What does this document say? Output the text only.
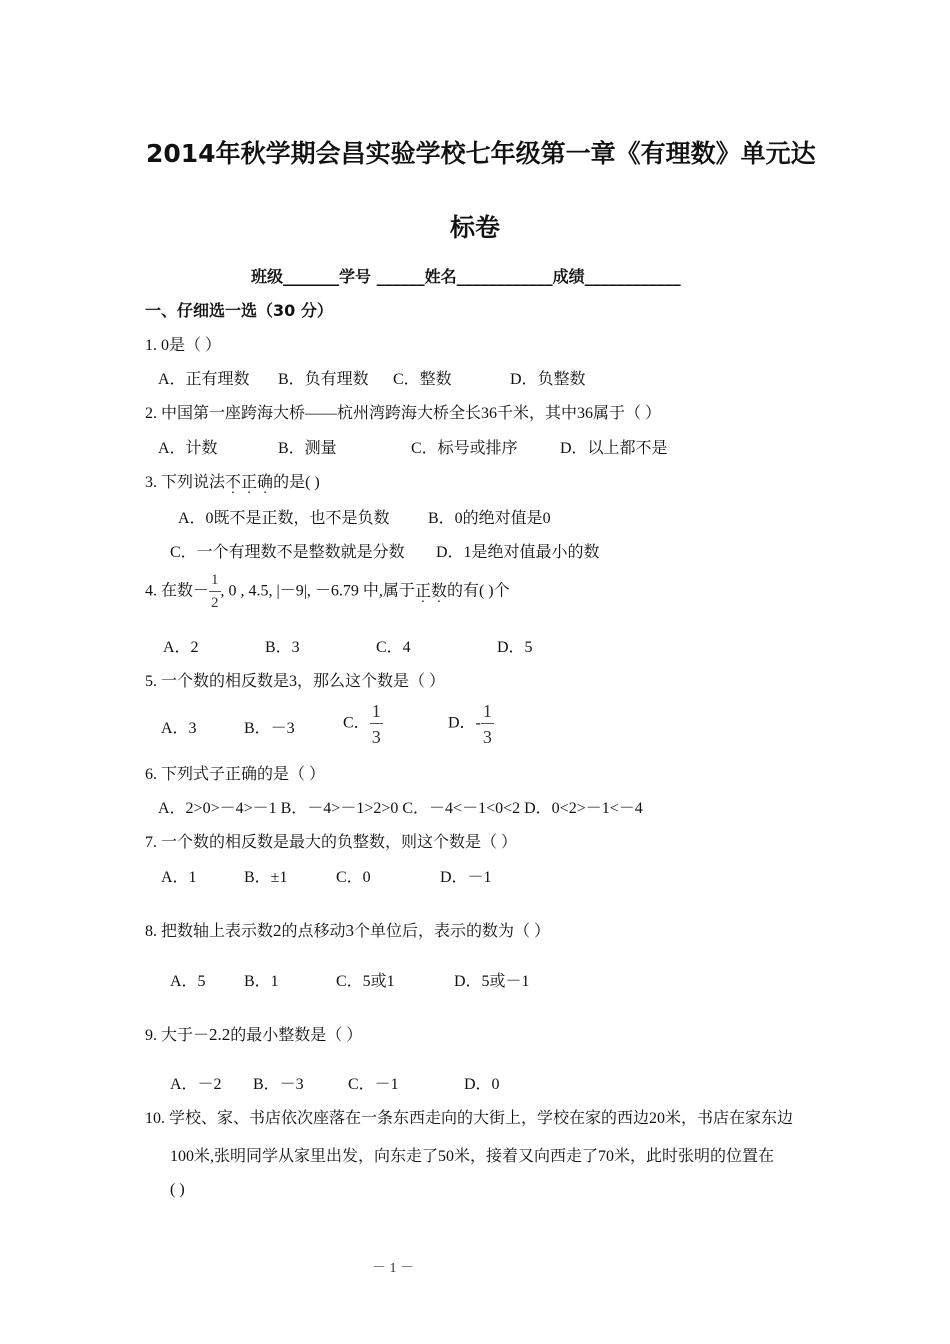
2014年秋学期会昌实验学校七年级第一章《有理数》单元达
标卷
班级_______学号 ______姓名____________成绩____________
一、仔细选一选（30 分）
1. 0是（ ）
A．正有理数 B．负有理数 C．整数	D．负整数
2. 中国第一座跨海大桥——杭州湾跨海大桥全长36千米，其中36属于（ ）
A．计数	B．测量	C．标号或排序	D．以上都不是
3. 下列说法不正确的是( )
A．0既不是正数，也不是负数 B．0的绝对值是0
C．一个有理数不是整数就是分数 D．1是绝对值最小的数
4. 在数－ $\frac{1}{2}$ , 0 , 4.5, |－9|, －6.79 中,属于正数的有( )个
A．2	B．3	C．4	D．5
5. 一个数的相反数是3，那么这个数是（ ）
A．3	B．－3	C． $\frac{1}{3}$	D．- $\frac{1}{3}$
6. 下列式子正确的是（ ）
A．2>0>－4>－1 B．－4>－1>2>0 C．－4<－1<0<2 D．0<2>－1<－4
7. 一个数的相反数是最大的负整数，则这个数是（ ）
A．1	B．±1	C．0	D．－1
8. 把数轴上表示数2的点移动3个单位后，表示的数为（ ）
A．5 B．1	C．5或1	D．5或－1
9. 大于－2.2的最小整数是（ ）
A．－2 B．－3	C．－1	D．0
10. 学校、家、书店依次座落在一条东西走向的大街上，学校在家的西边20米，书店在家东边
100米,张明同学从家里出发，向东走了50米，接着又向西走了70米，此时张明的位置在
( )
－ 1 －
